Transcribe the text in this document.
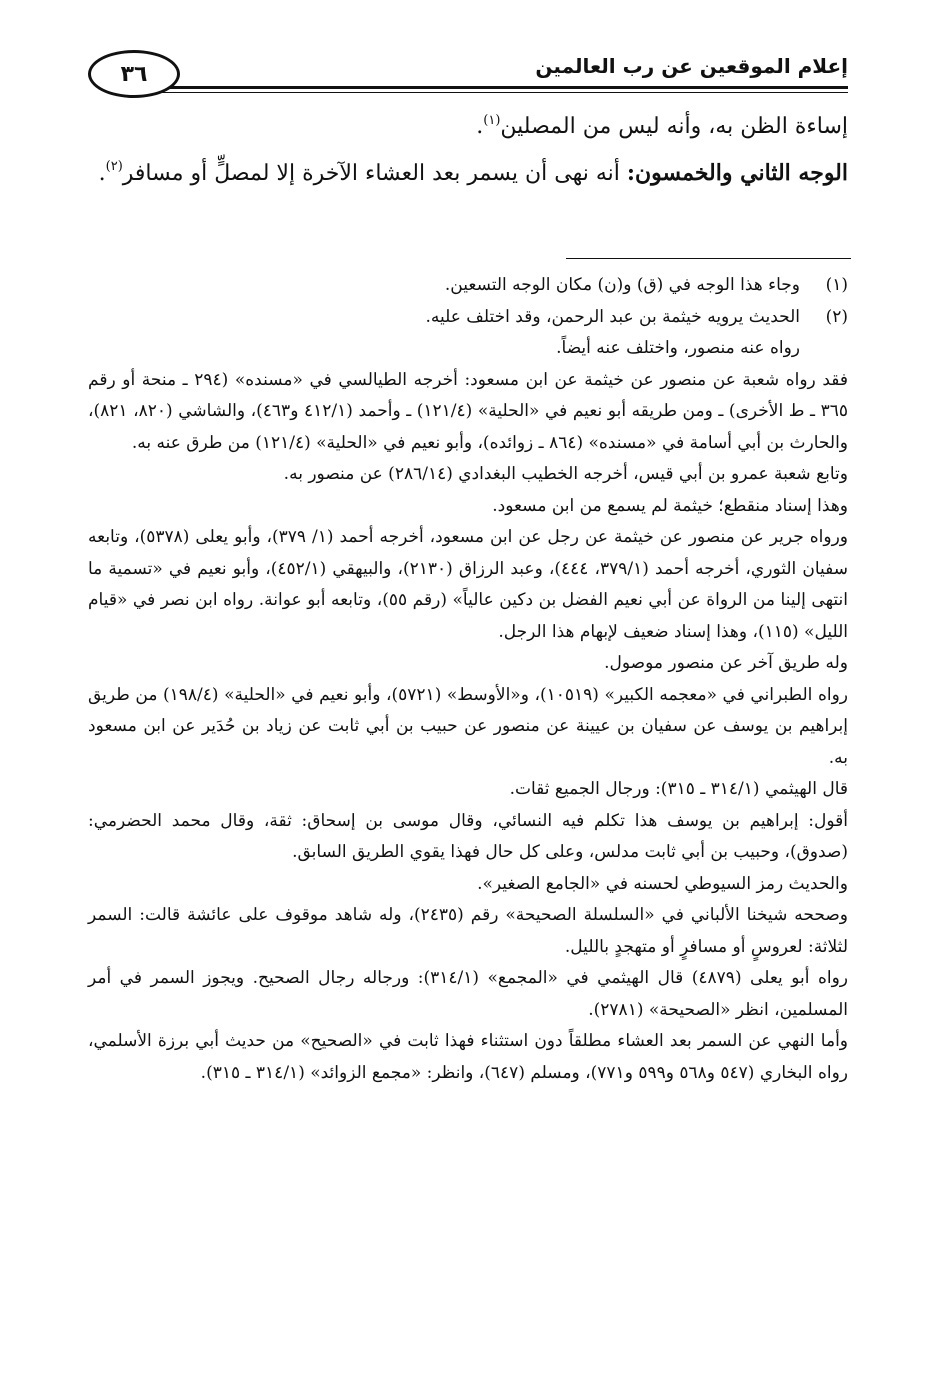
إعلام الموقعين عن رب العالمين
٣٦

إساءة الظن به، وأنه ليس من المصلين$^{(١)}$.

الوجه الثاني والخمسون: أنه نهى أن يسمر بعد العشاء الآخرة إلا لمصلٍّ أو مسافر$^{(٢)}$.

(١)
وجاء هذا الوجه في (ق) و(ن) مكان الوجه التسعين.

(٢)
الحديث يرويه خيثمة بن عبد الرحمن، وقد اختلف عليه.

رواه عنه منصور، واختلف عنه أيضاً.

فقد رواه شعبة عن منصور عن خيثمة عن ابن مسعود: أخرجه الطيالسي في «مسنده» (٢٩٤ ـ منحة أو رقم ٣٦٥ ـ ط الأخرى) ـ ومن طريقه أبو نعيم في «الحلية» (١٢١/٤) ـ وأحمد (٤١٢/١ و٤٦٣)، والشاشي (٨٢٠، ٨٢١)، والحارث بن أبي أسامة في «مسنده» (٨٦٤ ـ زوائده)، وأبو نعيم في «الحلية» (١٢١/٤) من طرق عنه به.

وتابع شعبة عمرو بن أبي قيس، أخرجه الخطيب البغدادي (٢٨٦/١٤) عن منصور به.

وهذا إسناد منقطع؛ خيثمة لم يسمع من ابن مسعود.

ورواه جرير عن منصور عن خيثمة عن رجل عن ابن مسعود، أخرجه أحمد (١/ ٣٧٩)، وأبو يعلى (٥٣٧٨)، وتابعه سفيان الثوري، أخرجه أحمد (٣٧٩/١، ٤٤٤)، وعبد الرزاق (٢١٣٠)، والبيهقي (٤٥٢/١)، وأبو نعيم في «تسمية ما انتهى إلينا من الرواة عن أبي نعيم الفضل بن دكين عالياً» (رقم ٥٥)، وتابعه أبو عوانة. رواه ابن نصر في «قيام الليل» (١١٥)، وهذا إسناد ضعيف لإبهام هذا الرجل.

وله طريق آخر عن منصور موصول.

رواه الطبراني في «معجمه الكبير» (١٠٥١٩)، و«الأوسط» (٥٧٢١)، وأبو نعيم في «الحلية» (١٩٨/٤) من طريق إبراهيم بن يوسف عن سفيان بن عيينة عن منصور عن حبيب بن أبي ثابت عن زياد بن حُدَير عن ابن مسعود به.

قال الهيثمي (٣١٤/١ ـ ٣١٥): ورجال الجميع ثقات.

أقول: إبراهيم بن يوسف هذا تكلم فيه النسائي، وقال موسى بن إسحاق: ثقة، وقال محمد الحضرمي: (صدوق)، وحبيب بن أبي ثابت مدلس، وعلى كل حال فهذا يقوي الطريق السابق.

والحديث رمز السيوطي لحسنه في «الجامع الصغير».

وصححه شيخنا الألباني في «السلسلة الصحيحة» رقم (٢٤٣٥)، وله شاهد موقوف على عائشة قالت: السمر لثلاثة: لعروسٍ أو مسافرٍ أو متهجدٍ بالليل.

رواه أبو يعلى (٤٨٧٩) قال الهيثمي في «المجمع» (٣١٤/١): ورجاله رجال الصحيح. ويجوز السمر في أمر المسلمين، انظر «الصحيحة» (٢٧٨١).

وأما النهي عن السمر بعد العشاء مطلقاً دون استثناء فهذا ثابت في «الصحيح» من حديث أبي برزة الأسلمي، رواه البخاري (٥٤٧ و٥٦٨ و٥٩٩ و٧٧١)، ومسلم (٦٤٧)، وانظر: «مجمع الزوائد» (٣١٤/١ ـ ٣١٥).
